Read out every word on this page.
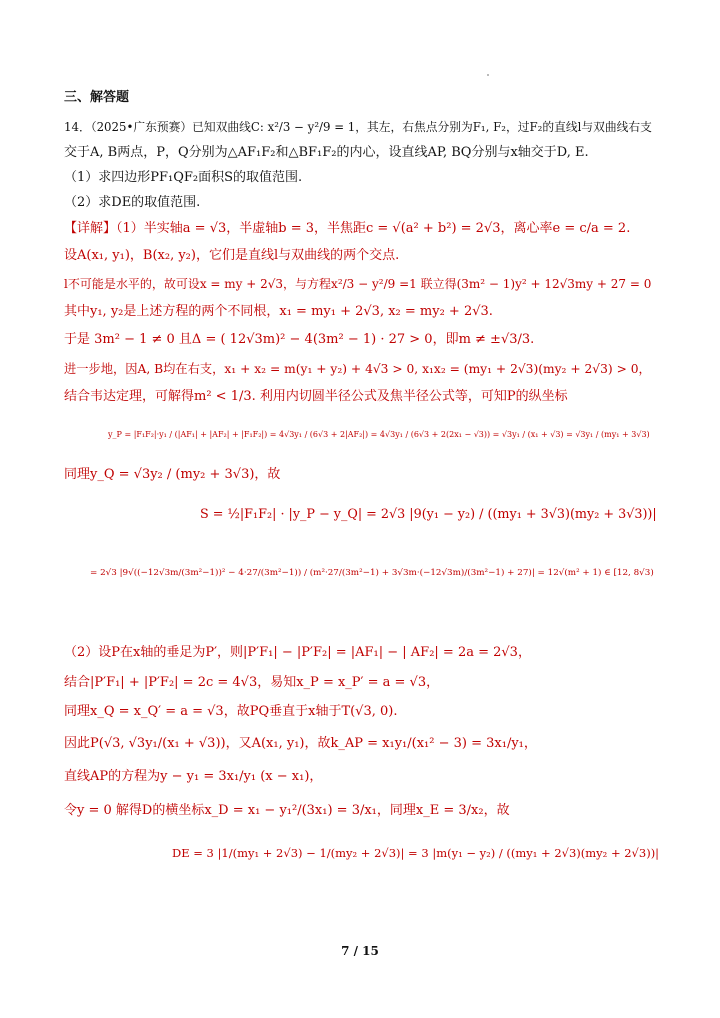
三、解答题
14．（2025•广东预赛）已知双曲线C: x²/3 − y²/9 = 1，其左，右焦点分别为F₁, F₂，过F₂的直线l与双曲线右支
交于A, B两点，P，Q分别为△AF₁F₂和△BF₁F₂的内心，设直线AP, BQ分别与x轴交于D, E.
（1）求四边形PF₁QF₂面积S的取值范围.
（2）求DE的取值范围.
【详解】（1）半实轴a = √3，半虚轴b = 3，半焦距c = √(a² + b²) = 2√3，离心率e = c/a = 2.
设A(x₁, y₁)，B(x₂, y₂)，它们是直线l与双曲线的两个交点.
l不可能是水平的，故可设x = my + 2√3，与方程x²/3 − y²/9 =1 联立得(3m² − 1)y² + 12√3my + 27 = 0
其中y₁, y₂是上述方程的两个不同根，x₁ = my₁ + 2√3, x₂ = my₂ + 2√3.
于是 3m² − 1 ≠ 0 且Δ = ( 12√3m)² − 4(3m² − 1) · 27 > 0，即m ≠ ±√3/3.
进一步地，因A, B均在右支，x₁ + x₂ = m(y₁ + y₂) + 4√3 > 0, x₁x₂ = (my₁ + 2√3)(my₂ + 2√3) > 0，
结合韦达定理，可解得m² < 1/3. 利用内切圆半径公式及焦半径公式等，可知P的纵坐标
y_P = |F₁F₂|·y₁ / (|AF₁| + |AF₂| + |F₁F₂|) = 4√3y₁ / (6√3 + 2|AF₂|) = 4√3y₁ / (6√3 + 2(2x₁ − √3)) = √3y₁ / (x₁ + √3) = √3y₁ / (my₁ + 3√3)
同理y_Q = √3y₂ / (my₂ + 3√3)，故
S = ½|F₁F₂| · |y_P − y_Q| = 2√3 |9(y₁ − y₂) / ((my₁ + 3√3)(my₂ + 3√3))|
= 2√3 |9√((−12√3m/(3m²−1))² − 4·27/(3m²−1)) / (m²·27/(3m²−1) + 3√3m·(−12√3m)/(3m²−1) + 27)| = 12√(m² + 1) ∈ [12, 8√3)
（2）设P在x轴的垂足为P′，则|P′F₁| − |P′F₂| = |AF₁| − | AF₂| = 2a = 2√3，
结合|P′F₁| + |P′F₂| = 2c = 4√3，易知x_P = x_P′ = a = √3，
同理x_Q = x_Q′ = a = √3，故PQ垂直于x轴于T(√3, 0).
因此P(√3, √3y₁/(x₁ + √3))，又A(x₁, y₁)，故k_AP = x₁y₁/(x₁² − 3) = 3x₁/y₁，
直线AP的方程为y − y₁ = 3x₁/y₁ (x − x₁)，
令y = 0 解得D的横坐标x_D = x₁ − y₁²/(3x₁) = 3/x₁，同理x_E = 3/x₂，故
DE = 3 |1/(my₁ + 2√3) − 1/(my₂ + 2√3)| = 3 |m(y₁ − y₂) / ((my₁ + 2√3)(my₂ + 2√3))|
7 / 15
